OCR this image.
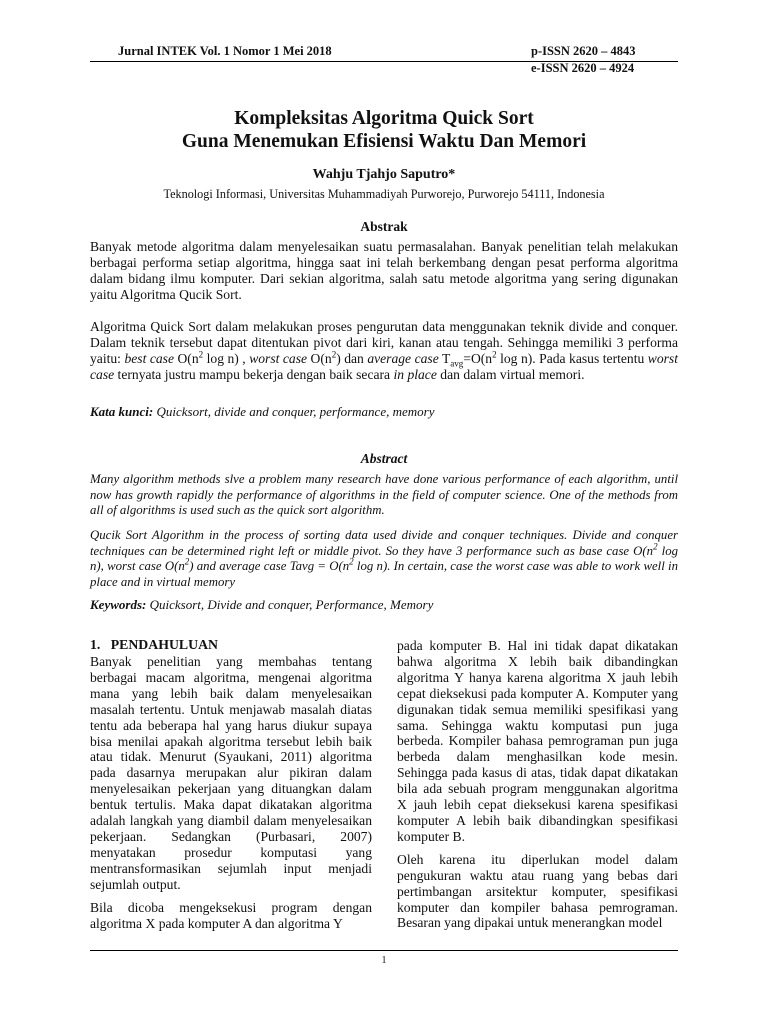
Jurnal INTEK Vol. 1 Nomor 1 Mei 2018	p-ISSN 2620 – 4843
e-ISSN 2620 – 4924
Kompleksitas Algoritma Quick Sort
Guna Menemukan Efisiensi Waktu Dan Memori
Wahju Tjahjo Saputro*
Teknologi Informasi, Universitas Muhammadiyah Purworejo, Purworejo 54111, Indonesia
Abstrak

Banyak metode algoritma dalam menyelesaikan suatu permasalahan. Banyak penelitian telah melakukan berbagai performa setiap algoritma, hingga saat ini telah berkembang dengan pesat performa algoritma dalam bidang ilmu komputer. Dari sekian algoritma, salah satu metode algoritma yang sering digunakan yaitu Algoritma Qucik Sort.

Algoritma Quick Sort dalam melakukan proses pengurutan data menggunakan teknik divide and conquer. Dalam teknik tersebut dapat ditentukan pivot dari kiri, kanan atau tengah. Sehingga memiliki 3 performa yaitu: best case $O(n^2$ log n) , worst case $O(n^2)$ dan average case $T_{avg}=O(n^2$ log n). Pada kasus tertentu worst case ternyata justru mampu bekerja dengan baik secara in place dan dalam virtual memori.

Kata kunci: Quicksort, divide and conquer, performance, memory

Abstract

Many algorithm methods slve a problem many research have done various performance of each algorithm, until now has growth rapidly the performance of algorithms in the field of computer science. One of the methods from all of algorithms is used such as the quick sort algorithm.

Qucik Sort Algorithm in the process of sorting data used divide and conquer techniques. Divide and conquer techniques can be determined right left or middle pivot. So they have 3 performance such as base case $O(n^2$ log n), worst case $O(n^2)$ and average case Tavg = $O(n^2$ log n). In certain, case the worst case was able to work well in place and in virtual memory

Keywords: Quicksort, Divide and conquer, Performance, Memory

1.   PENDAHULUAN

Banyak penelitian yang membahas tentang berbagai macam algoritma, mengenai algoritma mana yang lebih baik dalam menyelesaikan masalah tertentu. Untuk menjawab masalah diatas tentu ada beberapa hal yang harus diukur supaya bisa menilai apakah algoritma tersebut lebih baik atau tidak. Menurut (Syaukani, 2011) algoritma pada dasarnya merupakan alur pikiran dalam menyelesaikan pekerjaan yang dituangkan dalam bentuk tertulis. Maka dapat dikatakan algoritma adalah langkah yang diambil dalam menyelesaikan pekerjaan. Sedangkan (Purbasari, 2007) menyatakan prosedur komputasi yang mentransformasikan sejumlah input menjadi sejumlah output.

Bila dicoba mengeksekusi program dengan algoritma X pada komputer A dan algoritma Y

pada komputer B. Hal ini tidak dapat dikatakan bahwa algoritma X lebih baik dibandingkan algoritma Y hanya karena algoritma X jauh lebih cepat dieksekusi pada komputer A. Komputer yang digunakan tidak semua memiliki spesifikasi yang sama. Sehingga waktu komputasi pun juga berbeda. Kompiler bahasa pemrograman pun juga berbeda dalam menghasilkan kode mesin. Sehingga pada kasus di atas, tidak dapat dikatakan bila ada sebuah program menggunakan algoritma X jauh lebih cepat dieksekusi karena spesifikasi komputer A lebih baik dibandingkan spesifikasi komputer B.

Oleh karena itu diperlukan model dalam pengukuran waktu atau ruang yang bebas dari pertimbangan arsitektur komputer, spesifikasi komputer dan kompiler bahasa pemrograman. Besaran yang dipakai untuk menerangkan model

1
